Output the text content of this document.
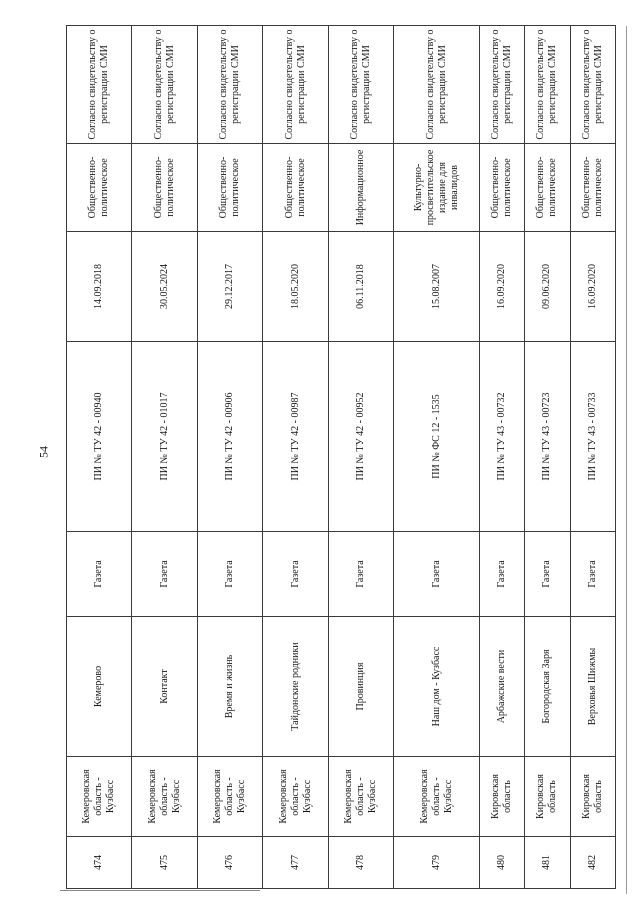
54
474	Кемеровская область - Кузбасс	Кемерово	Газета	ПИ № ТУ 42 - 00940	14.09.2018	Общественно-политическое	Согласно свидетельству о регистрации СМИ
475	Кемеровская область - Кузбасс	Контакт	Газета	ПИ № ТУ 42 - 01017	30.05.2024	Общественно-политическое	Согласно свидетельству о регистрации СМИ
476	Кемеровская область - Кузбасс	Время и жизнь	Газета	ПИ № ТУ 42 - 00906	29.12.2017	Общественно-политическое	Согласно свидетельству о регистрации СМИ
477	Кемеровская область - Кузбасс	Тайдонские родники	Газета	ПИ № ТУ 42 - 00987	18.05.2020	Общественно-политическое	Согласно свидетельству о регистрации СМИ
478	Кемеровская область - Кузбасс	Провинция	Газета	ПИ № ТУ 42 - 00952	06.11.2018	Информационное	Согласно свидетельству о регистрации СМИ
479	Кемеровская область - Кузбасс	Наш дом - Кузбасс	Газета	ПИ № ФС 12 - 1535	15.08.2007	Культурно-просветительское издание для инвалидов	Согласно свидетельству о регистрации СМИ
480	Кировская область	Арбажские вести	Газета	ПИ № ТУ 43 - 00732	16.09.2020	Общественно-политическое	Согласно свидетельству о регистрации СМИ
481	Кировская область	Богородская Заря	Газета	ПИ № ТУ 43 - 00723	09.06.2020	Общественно-политическое	Согласно свидетельству о регистрации СМИ
482	Кировская область	Верховья Шижмы	Газета	ПИ № ТУ 43 - 00733	16.09.2020	Общественно-политическое	Согласно свидетельству о регистрации СМИ
